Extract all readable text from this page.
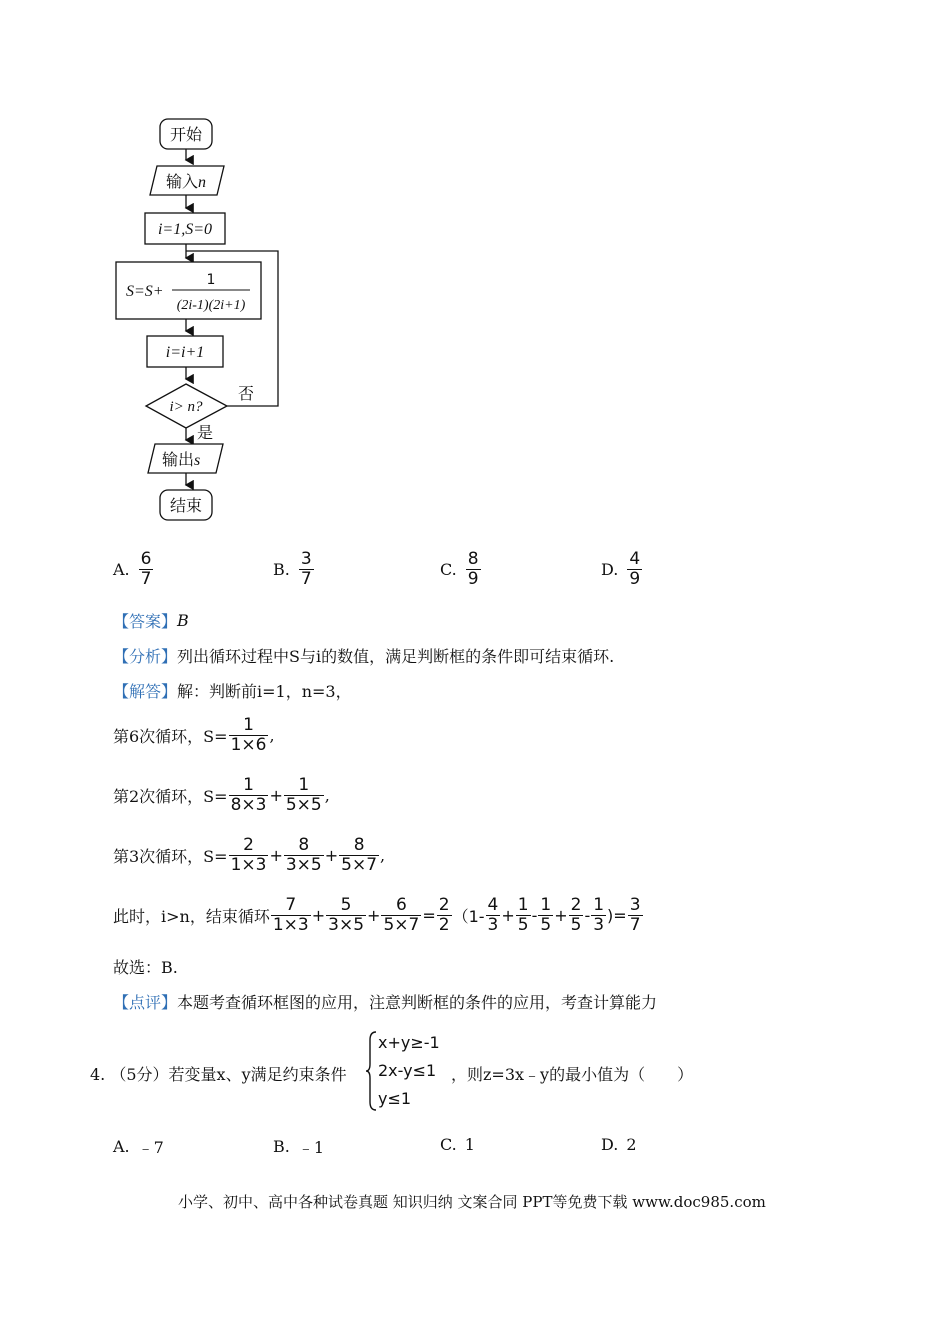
开始
输入n
i=1,S=0
S=S+
1
(2i-1)(2i+1)
i=i+1
i> n?
否
是
输出s
结束
A. $\frac{6}{7}$	B. $\frac{3}{7}$	C. $\frac{8}{9}$	D. $\frac{4}{9}$
【答案】 B
【分析】 列出循环过程中S与i的数值，满足判断框的条件即可结束循环.
【解答】 解：判断前i=1，n=3，
第6次循环，$S= \frac{1}{1\times 6}$ ,
第2次循环，$S= \frac{1}{8\times 3} + \frac{1}{5\times 5}$ ,
第3次循环，$S= \frac{2}{1\times 3} + \frac{8}{3\times 5} + \frac{8}{5\times 7}$ ,
此时，i>n，结束循环 $\frac{7}{1\times 3} + \frac{5}{3\times 5} + \frac{6}{5\times 7} = \frac{2}{2} (1- \frac{4}{3} + \frac{1}{5} - \frac{1}{5} + \frac{2}{5} - \frac{1}{3}$ )= $\frac{3}{7}$
故选：B.
【点评】 本题考查循环框图的应用，注意判断框的条件的应用，考查计算能力
4. （5分）若变量x、y满足约束条件
x+y≥-1
2x-y≤1
y≤1
，则z=3x﹣y的最小值为（　　）
A. ﹣7	B. ﹣1	C. 1	D. 2
小学、初中、高中各种试卷真题 知识归纳 文案合同 PPT等免费下载 www.doc985.com
